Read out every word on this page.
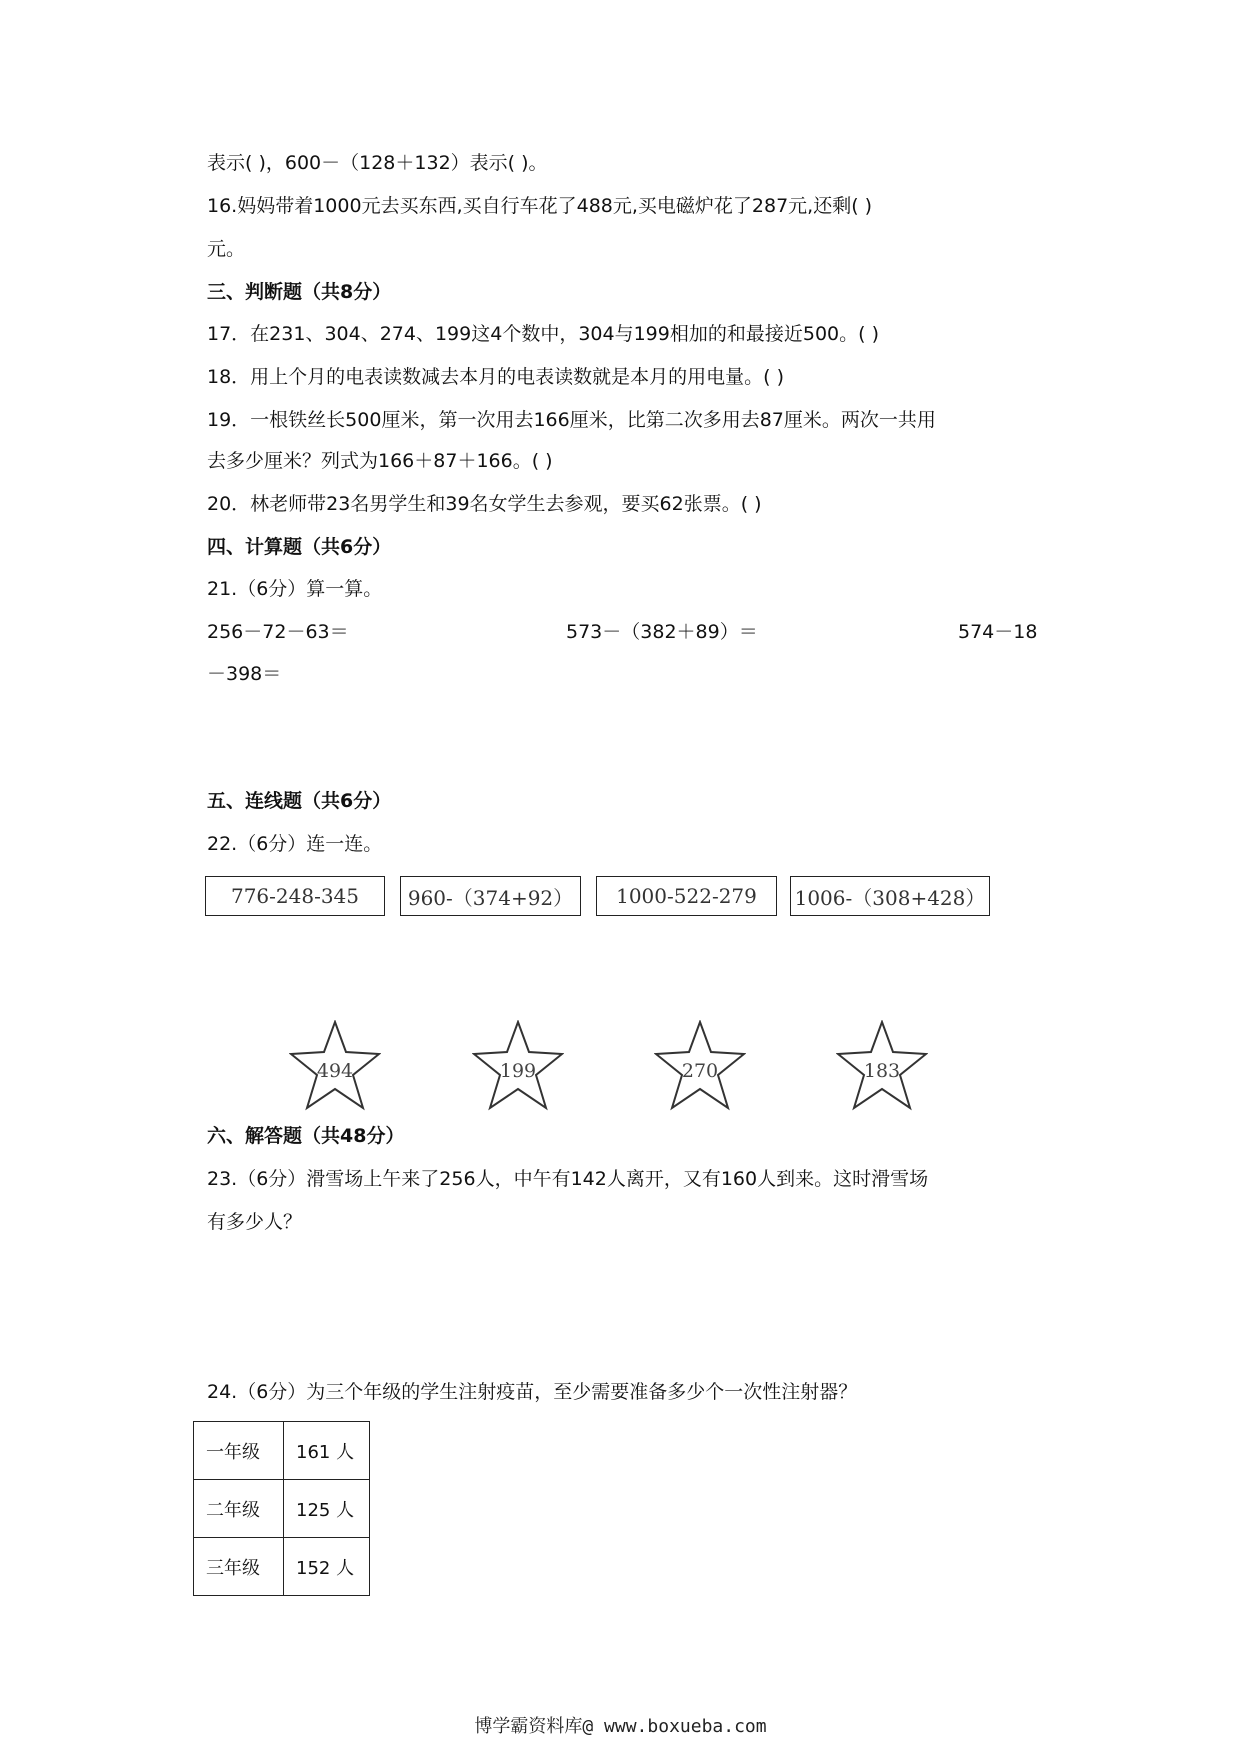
表示( )，600－（128＋132）表示( )。
16.妈妈带着1000元去买东西,买自行车花了488元,买电磁炉花了287元,还剩( )
元。
三、判断题（共8分）
17．在231、304、274、199这4个数中，304与199相加的和最接近500。( )
18．用上个月的电表读数减去本月的电表读数就是本月的用电量。( )
19．一根铁丝长500厘米，第一次用去166厘米，比第二次多用去87厘米。两次一共用
去多少厘米？列式为166＋87＋166。( )
20．林老师带23名男学生和39名女学生去参观，要买62张票。( )
四、计算题（共6分）
21.（6分）算一算。
256－72－63＝	573－（382＋89）＝	574－18
－398＝
五、连线题（共6分）
22.（6分）连一连。
776-248-345	960-（374+92）	1000-522-279	1006-（308+428）
494	199	270	183
六、解答题（共48分）
23.（6分）滑雪场上午来了256人，中午有142人离开，又有160人到来。这时滑雪场
有多少人？
24.（6分）为三个年级的学生注射疫苗，至少需要准备多少个一次性注射器？
一年级	161 人
二年级	125 人
三年级	152 人
博学霸资料库@ www.boxueba.com
